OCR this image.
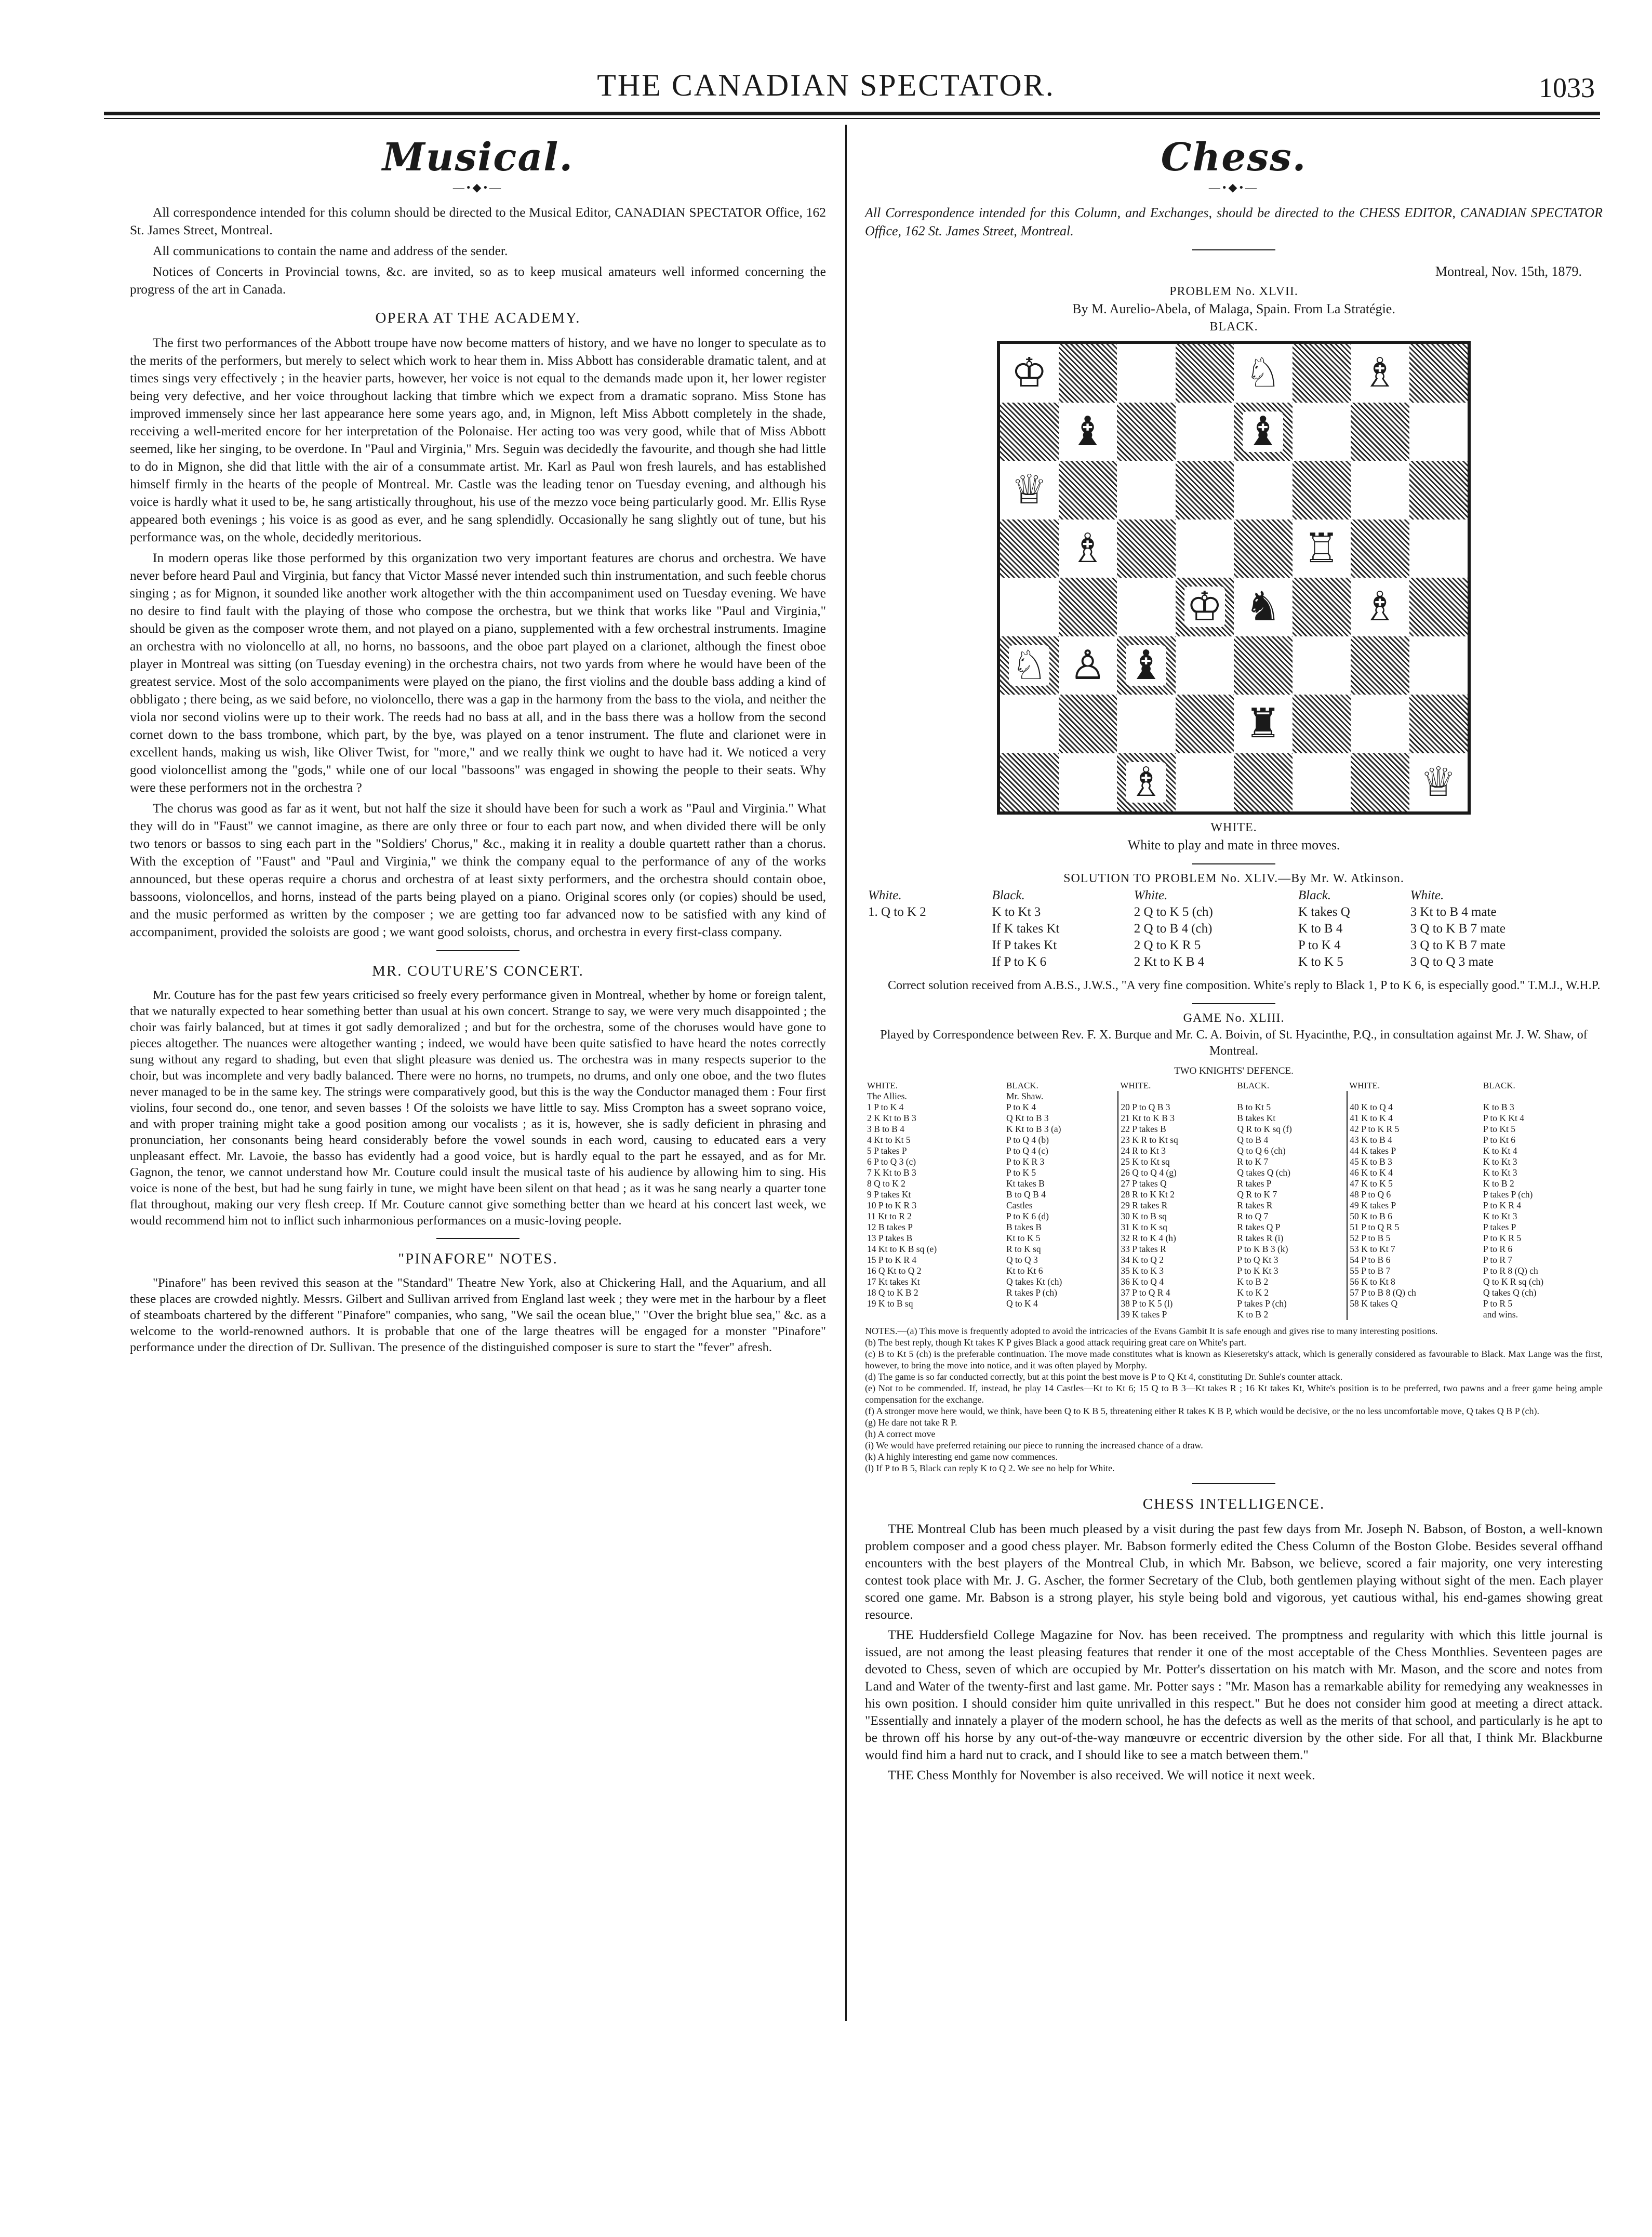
THE CANADIAN SPECTATOR.	1033
Musical.
—•◆•—

All correspondence intended for this column should be directed to the Musical Editor, CANADIAN SPECTATOR Office, 162 St. James Street, Montreal.

All communications to contain the name and address of the sender.

Notices of Concerts in Provincial towns, &c. are invited, so as to keep musical amateurs well informed concerning the progress of the art in Canada.

OPERA AT THE ACADEMY.

The first two performances of the Abbott troupe have now become matters of history, and we have no longer to speculate as to the merits of the performers, but merely to select which work to hear them in. Miss Abbott has considerable dramatic talent, and at times sings very effectively ; in the heavier parts, however, her voice is not equal to the demands made upon it, her lower register being very defective, and her voice throughout lacking that timbre which we expect from a dramatic soprano. Miss Stone has improved immensely since her last appearance here some years ago, and, in Mignon, left Miss Abbott completely in the shade, receiving a well-merited encore for her interpretation of the Polonaise. Her acting too was very good, while that of Miss Abbott seemed, like her singing, to be overdone. In "Paul and Virginia," Mrs. Seguin was decidedly the favourite, and though she had little to do in Mignon, she did that little with the air of a consummate artist. Mr. Karl as Paul won fresh laurels, and has established himself firmly in the hearts of the people of Montreal. Mr. Castle was the leading tenor on Tuesday evening, and although his voice is hardly what it used to be, he sang artistically throughout, his use of the mezzo voce being particularly good. Mr. Ellis Ryse appeared both evenings ; his voice is as good as ever, and he sang splendidly. Occasionally he sang slightly out of tune, but his performance was, on the whole, decidedly meritorious.

In modern operas like those performed by this organization two very important features are chorus and orchestra. We have never before heard Paul and Virginia, but fancy that Victor Massé never intended such thin instrumentation, and such feeble chorus singing ; as for Mignon, it sounded like another work altogether with the thin accompaniment used on Tuesday evening. We have no desire to find fault with the playing of those who compose the orchestra, but we think that works like "Paul and Virginia," should be given as the composer wrote them, and not played on a piano, supplemented with a few orchestral instruments. Imagine an orchestra with no violoncello at all, no horns, no bassoons, and the oboe part played on a clarionet, although the finest oboe player in Montreal was sitting (on Tuesday evening) in the orchestra chairs, not two yards from where he would have been of the greatest service. Most of the solo accompaniments were played on the piano, the first violins and the double bass adding a kind of obbligato ; there being, as we said before, no violoncello, there was a gap in the harmony from the bass to the viola, and neither the viola nor second violins were up to their work. The reeds had no bass at all, and in the bass there was a hollow from the second cornet down to the bass trombone, which part, by the bye, was played on a tenor instrument. The flute and clarionet were in excellent hands, making us wish, like Oliver Twist, for "more," and we really think we ought to have had it. We noticed a very good violoncellist among the "gods," while one of our local "bassoons" was engaged in showing the people to their seats. Why were these performers not in the orchestra ?

The chorus was good as far as it went, but not half the size it should have been for such a work as "Paul and Virginia." What they will do in "Faust" we cannot imagine, as there are only three or four to each part now, and when divided there will be only two tenors or bassos to sing each part in the "Soldiers' Chorus," &c., making it in reality a double quartett rather than a chorus. With the exception of "Faust" and "Paul and Virginia," we think the company equal to the performance of any of the works announced, but these operas require a chorus and orchestra of at least sixty performers, and the orchestra should contain oboe, bassoons, violoncellos, and horns, instead of the parts being played on a piano. Original scores only (or copies) should be used, and the music performed as written by the composer ; we are getting too far advanced now to be satisfied with any kind of accompaniment, provided the soloists are good ; we want good soloists, chorus, and orchestra in every first-class company.

MR. COUTURE'S CONCERT.

Mr. Couture has for the past few years criticised so freely every performance given in Montreal, whether by home or foreign talent, that we naturally expected to hear something better than usual at his own concert. Strange to say, we were very much disappointed ; the choir was fairly balanced, but at times it got sadly demoralized ; and but for the orchestra, some of the choruses would have gone to pieces altogether. The nuances were altogether wanting ; indeed, we would have been quite satisfied to have heard the notes correctly sung without any regard to shading, but even that slight pleasure was denied us. The orchestra was in many respects superior to the choir, but was incomplete and very badly balanced. There were no horns, no trumpets, no drums, and only one oboe, and the two flutes never managed to be in the same key. The strings were comparatively good, but this is the way the Conductor managed them : Four first violins, four second do., one tenor, and seven basses ! Of the soloists we have little to say. Miss Crompton has a sweet soprano voice, and with proper training might take a good position among our vocalists ; as it is, however, she is sadly deficient in phrasing and pronunciation, her consonants being heard considerably before the vowel sounds in each word, causing to educated ears a very unpleasant effect. Mr. Lavoie, the basso has evidently had a good voice, but is hardly equal to the part he essayed, and as for Mr. Gagnon, the tenor, we cannot understand how Mr. Couture could insult the musical taste of his audience by allowing him to sing. His voice is none of the best, but had he sung fairly in tune, we might have been silent on that head ; as it was he sang nearly a quarter tone flat throughout, making our very flesh creep. If Mr. Couture cannot give something better than we heard at his concert last week, we would recommend him not to inflict such inharmonious performances on a music-loving people.

"PINAFORE" NOTES.

"Pinafore" has been revived this season at the "Standard" Theatre New York, also at Chickering Hall, and the Aquarium, and all these places are crowded nightly. Messrs. Gilbert and Sullivan arrived from England last week ; they were met in the harbour by a fleet of steamboats chartered by the different "Pinafore" companies, who sang, "We sail the ocean blue," "Over the bright blue sea," &c. as a welcome to the world-renowned authors. It is probable that one of the large theatres will be engaged for a monster "Pinafore" performance under the direction of Dr. Sullivan. The presence of the distinguished composer is sure to start the "fever" afresh.

Chess.
—•◆•—
All Correspondence intended for this Column, and Exchanges, should be directed to the CHESS EDITOR, CANADIAN SPECTATOR Office, 162 St. James Street, Montreal.
Montreal, Nov. 15th, 1879.

PROBLEM No. XLVII.

By M. Aurelio-Abela, of Malaga, Spain. From La Stratégie.

BLACK.

♔	♘ ♗
♝	♝
♕
♗	♖
♔ ♞ ♗
♘ ♙ ♝
♜
♗	♕

WHITE.

White to play and mate in three moves.

SOLUTION TO PROBLEM No. XLIV.—By Mr. W. Atkinson.

White.	Black.	White.	Black.	White.
1. Q to K 2	K to Kt 3	2 Q to K 5 (ch)	K takes Q	3 Kt to B 4 mate
	If K takes Kt	2 Q to B 4 (ch)	K to B 4	3 Q to K B 7 mate
	If P takes Kt	2 Q to K R 5	P to K 4	3 Q to K B 7 mate
	If P to K 6	2 Kt to K B 4	K to K 5	3 Q to Q 3 mate

Correct solution received from A.B.S., J.W.S., "A very fine composition. White's reply to Black 1, P to K 6, is especially good." T.M.J., W.H.P.

GAME No. XLIII.

Played by Correspondence between Rev. F. X. Burque and Mr. C. A. Boivin, of St. Hyacinthe, P.Q., in consultation against Mr. J. W. Shaw, of Montreal.

TWO KNIGHTS' DEFENCE.

WHITE.	BLACK.	WHITE.	BLACK.	WHITE.	BLACK.
The Allies.	Mr. Shaw.				
1 P to K 4	P to K 4	20 P to Q B 3	B to Kt 5	40 K to Q 4	K to B 3
2 K Kt to B 3	Q Kt to B 3	21 Kt to K B 3	B takes Kt	41 K to K 4	P to K Kt 4
3 B to B 4	K Kt to B 3 (a)	22 P takes B	Q R to K sq (f)	42 P to K R 5	P to Kt 5
4 Kt to Kt 5	P to Q 4 (b)	23 K R to Kt sq	Q to B 4	43 K to B 4	P to Kt 6
5 P takes P	P to Q 4 (c)	24 R to Kt 3	Q to Q 6 (ch)	44 K takes P	K to Kt 4
6 P to Q 3 (c)	P to K R 3	25 K to Kt sq	R to K 7	45 K to B 3	K to Kt 3
7 K Kt to B 3	P to K 5	26 Q to Q 4 (g)	Q takes Q (ch)	46 K to K 4	K to Kt 3
8 Q to K 2	Kt takes B	27 P takes Q	R takes P	47 K to K 5	K to B 2
9 P takes Kt	B to Q B 4	28 R to K Kt 2	Q R to K 7	48 P to Q 6	P takes P (ch)
10 P to K R 3	Castles	29 R takes R	R takes R	49 K takes P	P to K R 4
11 Kt to R 2	P to K 6 (d)	30 K to B sq	R to Q 7	50 K to B 6	K to Kt 3
12 B takes P	B takes B	31 K to K sq	R takes Q P	51 P to Q R 5	P takes P
13 P takes B	Kt to K 5	32 R to K 4 (h)	R takes R (i)	52 P to B 5	P to K R 5
14 Kt to K B sq (e)	R to K sq	33 P takes R	P to K B 3 (k)	53 K to Kt 7	P to R 6
15 P to K R 4	Q to Q 3	34 K to Q 2	P to Q Kt 3	54 P to B 6	P to R 7
16 Q Kt to Q 2	Kt to Kt 6	35 K to K 3	P to K Kt 3	55 P to B 7	P to R 8 (Q) ch
17 Kt takes Kt	Q takes Kt (ch)	36 K to Q 4	K to B 2	56 K to Kt 8	Q to K R sq (ch)
18 Q to K B 2	R takes P (ch)	37 P to Q R 4	K to K 2	57 P to B 8 (Q) ch	Q takes Q (ch)
19 K to B sq	Q to K 4	38 P to K 5 (l)	P takes P (ch)	58 K takes Q	P to R 5
		39 K takes P	K to B 2		and wins.
NOTES.—(a) This move is frequently adopted to avoid the intricacies of the Evans Gambit It is safe enough and gives rise to many interesting positions.
(b) The best reply, though Kt takes K P gives Black a good attack requiring great care on White's part.
(c) B to Kt 5 (ch) is the preferable continuation. The move made constitutes what is known as Kieseretsky's attack, which is generally considered as favourable to Black. Max Lange was the first, however, to bring the move into notice, and it was often played by Morphy.
(d) The game is so far conducted correctly, but at this point the best move is P to Q Kt 4, constituting Dr. Suhle's counter attack.
(e) Not to be commended. If, instead, he play 14 Castles—Kt to Kt 6; 15 Q to B 3—Kt takes R ; 16 Kt takes Kt, White's position is to be preferred, two pawns and a freer game being ample compensation for the exchange.
(f) A stronger move here would, we think, have been Q to K B 5, threatening either R takes K B P, which would be decisive, or the no less uncomfortable move, Q takes Q B P (ch).
(g) He dare not take R P.
(h) A correct move
(i) We would have preferred retaining our piece to running the increased chance of a draw.
(k) A highly interesting end game now commences.
(l) If P to B 5, Black can reply K to Q 2. We see no help for White.
CHESS INTELLIGENCE.

THE Montreal Club has been much pleased by a visit during the past few days from Mr. Joseph N. Babson, of Boston, a well-known problem composer and a good chess player. Mr. Babson formerly edited the Chess Column of the Boston Globe. Besides several offhand encounters with the best players of the Montreal Club, in which Mr. Babson, we believe, scored a fair majority, one very interesting contest took place with Mr. J. G. Ascher, the former Secretary of the Club, both gentlemen playing without sight of the men. Each player scored one game. Mr. Babson is a strong player, his style being bold and vigorous, yet cautious withal, his end-games showing great resource.

THE Huddersfield College Magazine for Nov. has been received. The promptness and regularity with which this little journal is issued, are not among the least pleasing features that render it one of the most acceptable of the Chess Monthlies. Seventeen pages are devoted to Chess, seven of which are occupied by Mr. Potter's dissertation on his match with Mr. Mason, and the score and notes from Land and Water of the twenty-first and last game. Mr. Potter says : "Mr. Mason has a remarkable ability for remedying any weaknesses in his own position. I should consider him quite unrivalled in this respect." But he does not consider him good at meeting a direct attack. "Essentially and innately a player of the modern school, he has the defects as well as the merits of that school, and particularly is he apt to be thrown off his horse by any out-of-the-way manœuvre or eccentric diversion by the other side. For all that, I think Mr. Blackburne would find him a hard nut to crack, and I should like to see a match between them."

THE Chess Monthly for November is also received. We will notice it next week.
